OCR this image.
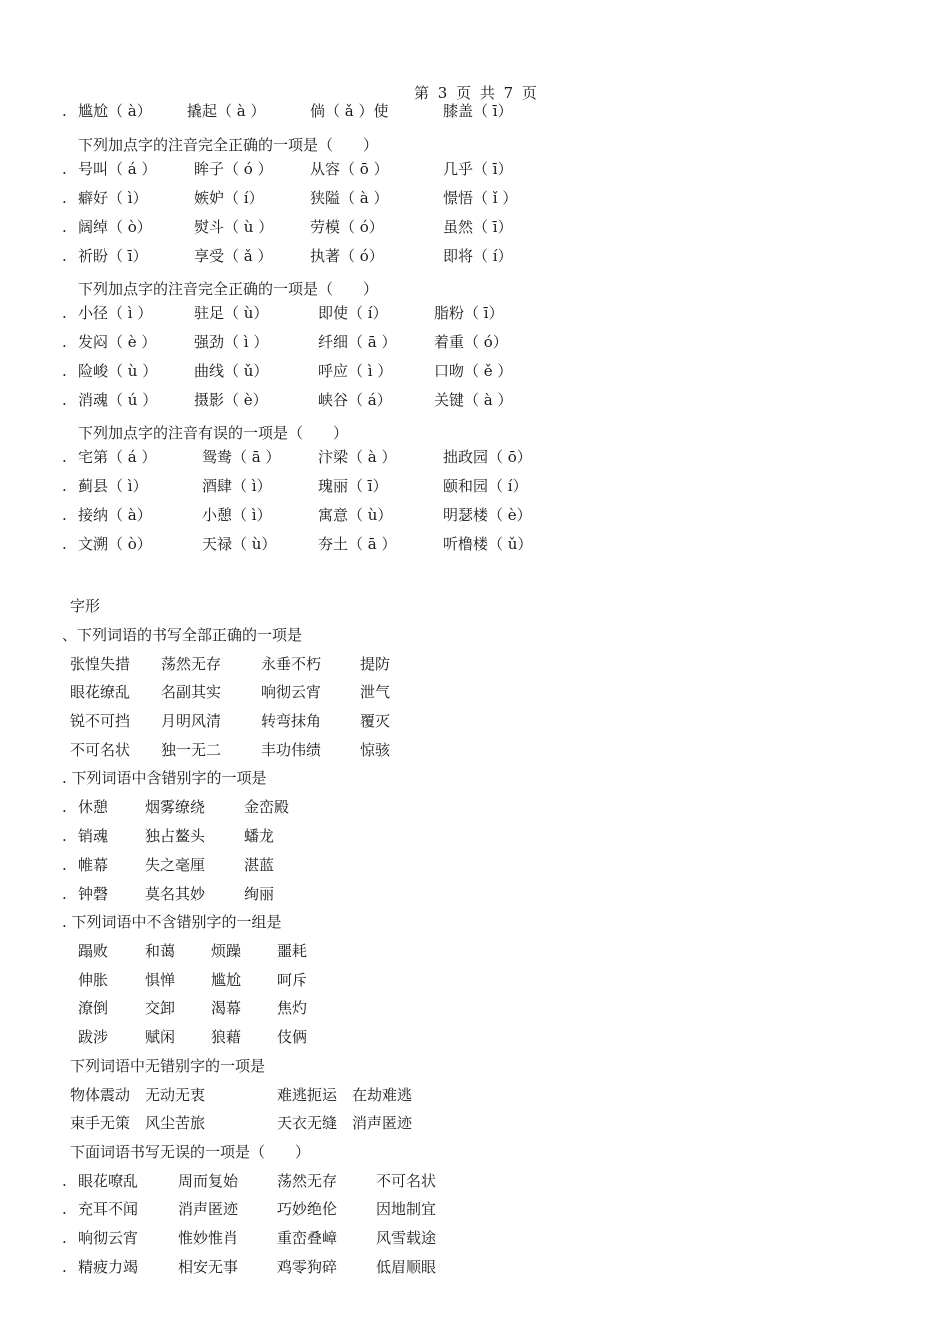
第 3 页 共 7 页
. 尴尬（ à） 撬起（ à ）	倘（ ǎ ）使	膝盖（ ī）
下列加点字的注音完全正确的一项是（　　）
. 号叫（ á ）	眸子（ ó ） 从容（ ō ）	几乎（ ī）
. 癖好（ ì）	嫉妒（ í）	狭隘（ à ）	憬悟（ ǐ ）
. 阔绰（ ò）	熨斗（ ù ） 劳模（ ó）	虽然（ ī）
. 祈盼（ ī）	享受（ ǎ ）	执著（ ó）	即将（ í）
下列加点字的注音完全正确的一项是（　　）
. 小径（ ì ）	驻足（ ù）	即使（ í）	脂粉（ ī）
. 发闷（ è ）	强劲（ ì ）	纤细（ ā ）	着重（ ó）
. 险峻（ ù ） 曲线（ ǔ）	呼应（ ì ）	口吻（ ě ）
. 消魂（ ú ） 摄影（ è）	峡谷（ á）	关键（ à ）
下列加点字的注音有误的一项是（　　）
. 宅第（ á ）	鸳鸯（ ā ）	汴梁（ à ）	拙政园（ ō）
. 蓟县（ ì）	酒肆（ ì）	瑰丽（ ī）	颐和园（ í）
. 接纳（ à）	小憩（ ì）	寓意（ ù）	明瑟楼（ è）
. 文溯（ ò）	天禄（ ù）	夯土（ ā ）	听橹楼（ ǔ）
字形
、下列词语的书写全部正确的一项是
张惶失措 荡然无存	永垂不朽	提防
眼花缭乱 名副其实	响彻云宵	泄气
锐不可挡 月明风清	转弯抹角	覆灭
不可名状 独一无二	丰功伟绩	惊骇
. 下列词语中含错别字的一项是
. 休憩 烟雾缭绕	金峦殿
. 销魂 独占鳌头	蟠龙
. 帷幕 失之毫厘	湛蓝
. 钟磬 莫名其妙	绚丽
. 下列词语中不含错别字的一组是
蹋败 和蔼 烦躁 噩耗
伸胀 惧惮 尴尬 呵斥
潦倒 交卸 渴幕 焦灼
跋涉 赋闲 狼藉 伎俩
下列词语中无错别字的一项是
物体震动 无动无衷	难逃扼运 在劫难逃
束手无策 风尘苦旅	天衣无缝 消声匿迹
下面词语书写无误的一项是（　　）
. 眼花嘹乱	周而复始	荡然无存	不可名状
. 充耳不闻	消声匿迹	巧妙绝伦	因地制宜
. 响彻云宵	惟妙惟肖	重峦叠嶂	风雪载途
. 精疲力竭	相安无事	鸡零狗碎	低眉顺眼
